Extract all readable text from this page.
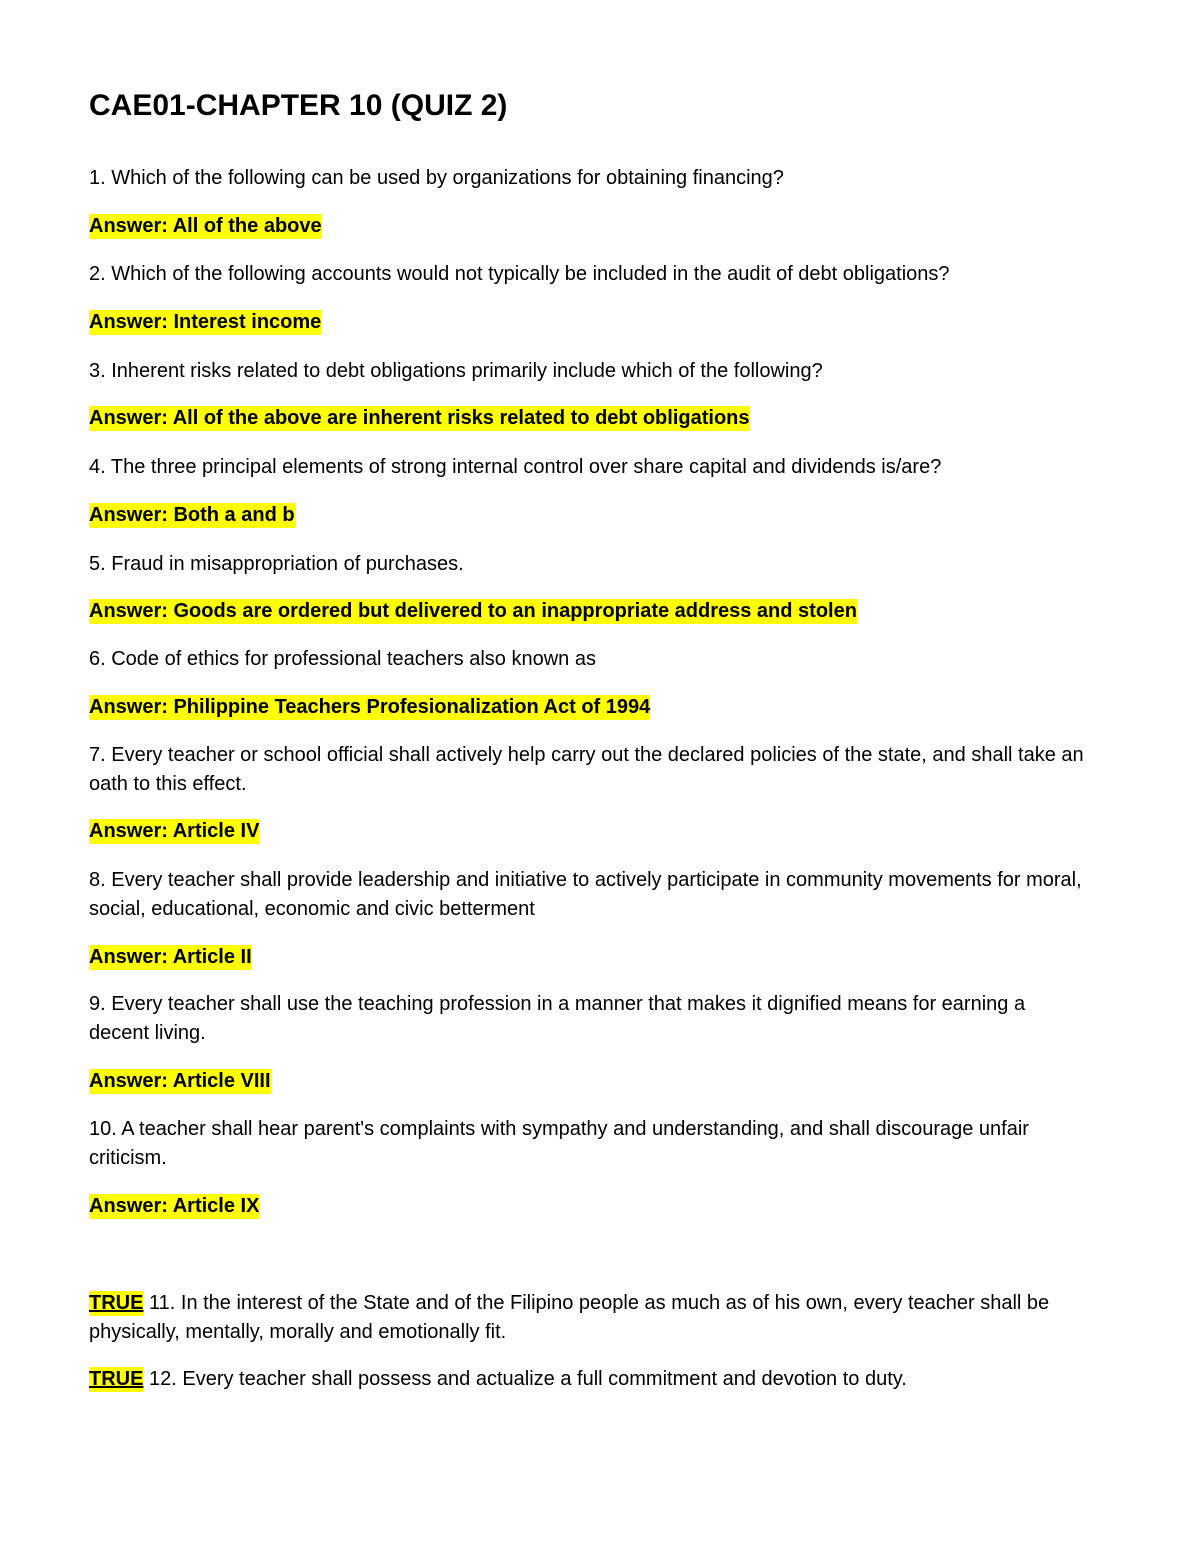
CAE01-CHAPTER 10 (QUIZ 2)

1. Which of the following can be used by organizations for obtaining financing?

Answer: All of the above

2. Which of the following accounts would not typically be included in the audit of debt obligations?

Answer: Interest income

3. Inherent risks related to debt obligations primarily include which of the following?

Answer: All of the above are inherent risks related to debt obligations

4. The three principal elements of strong internal control over share capital and dividends is/are?

Answer: Both a and b

5. Fraud in misappropriation of purchases.

Answer: Goods are ordered but delivered to an inappropriate address and stolen

6. Code of ethics for professional teachers also known as

Answer: Philippine Teachers Profesionalization Act of 1994

7. Every teacher or school official shall actively help carry out the declared policies of the state, and shall take an oath to this effect.

Answer: Article IV

8. Every teacher shall provide leadership and initiative to actively participate in community movements for moral, social, educational, economic and civic betterment

Answer: Article II

9. Every teacher shall use the teaching profession in a manner that makes it dignified means for earning a decent living.

Answer: Article VIII

10. A teacher shall hear parent's complaints with sympathy and understanding, and shall discourage unfair criticism.

Answer: Article IX

TRUE 11. In the interest of the State and of the Filipino people as much as of his own, every teacher shall be physically, mentally, morally and emotionally fit.

TRUE 12. Every teacher shall possess and actualize a full commitment and devotion to duty.
